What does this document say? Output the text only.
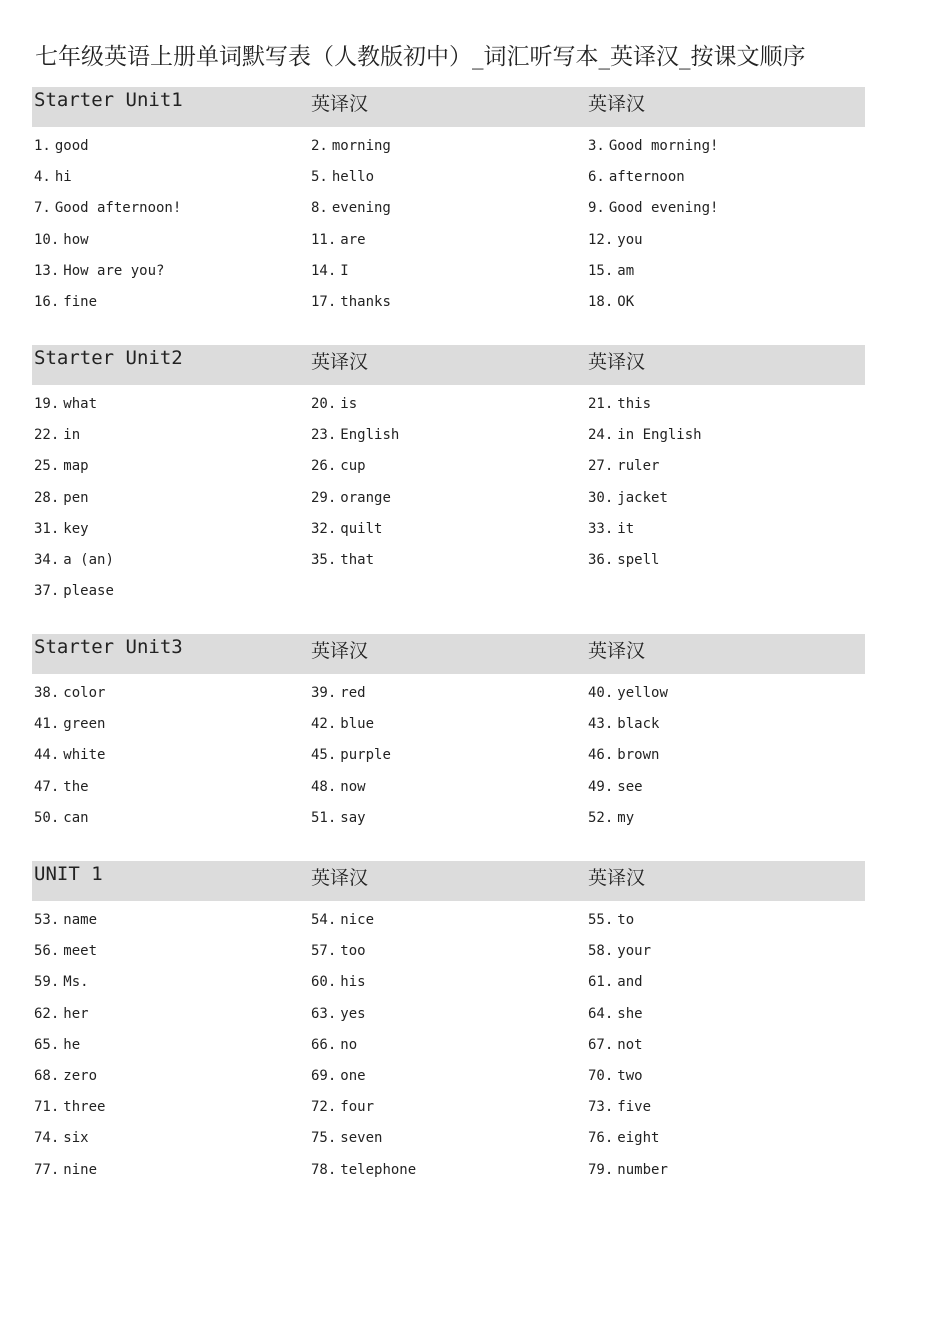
七年级英语上册单词默写表（人教版初中）_词汇听写本_英译汉_按课文顺序
Starter Unit1	英译汉	英译汉
1. good	2. morning	3. Good morning!
4. hi	5. hello	6. afternoon
7. Good afternoon!	8. evening	9. Good evening!
10. how	11. are	12. you
13. How are you?	14. I	15. am
16. fine	17. thanks	18. OK
Starter Unit2	英译汉	英译汉
19. what	20. is	21. this
22. in	23. English	24. in English
25. map	26. cup	27. ruler
28. pen	29. orange	30. jacket
31. key	32. quilt	33. it
34. a (an)	35. that	36. spell
37. please
Starter Unit3	英译汉	英译汉
38. color	39. red	40. yellow
41. green	42. blue	43. black
44. white	45. purple	46. brown
47. the	48. now	49. see
50. can	51. say	52. my
UNIT 1	英译汉	英译汉
53. name	54. nice	55. to
56. meet	57. too	58. your
59. Ms.	60. his	61. and
62. her	63. yes	64. she
65. he	66. no	67. not
68. zero	69. one	70. two
71. three	72. four	73. five
74. six	75. seven	76. eight
77. nine	78. telephone	79. number
